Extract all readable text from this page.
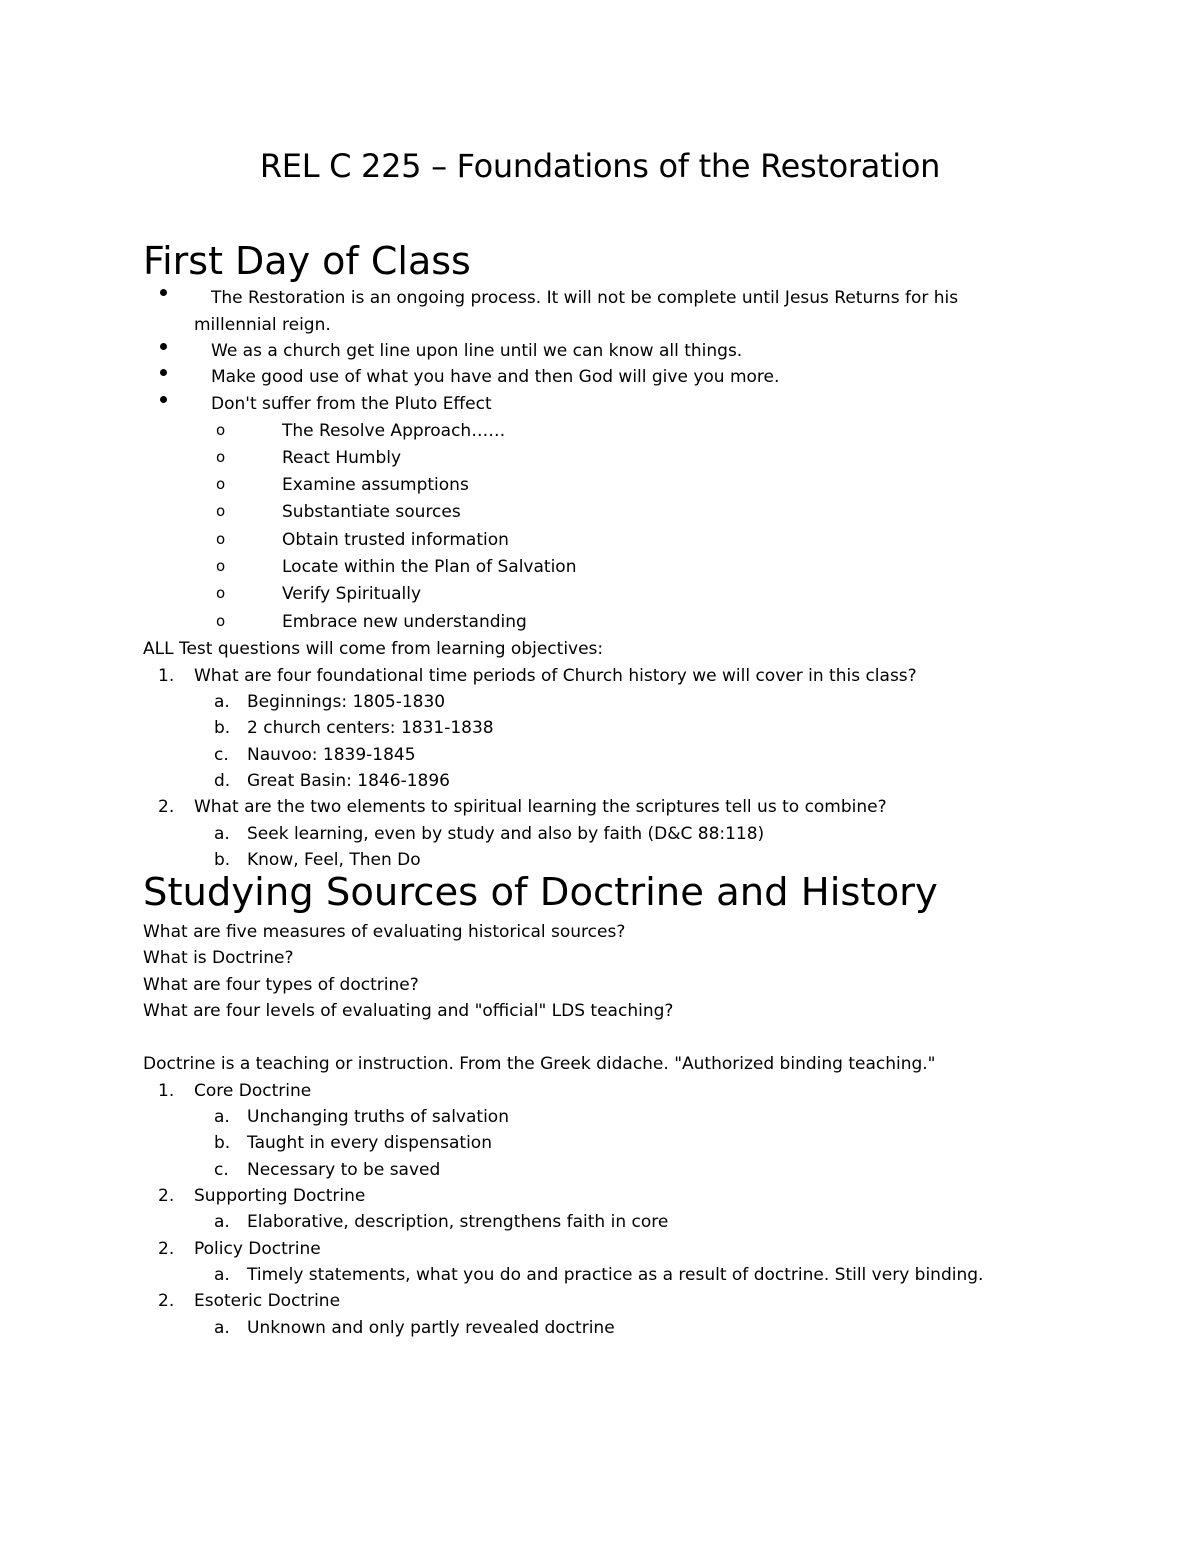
REL C 225 – Foundations of the Restoration
First Day of Class
The Restoration is an ongoing process. It will not be complete until Jesus Returns for his
millennial reign.
We as a church get line upon line until we can know all things.
Make good use of what you have and then God will give you more.
Don't suffer from the Pluto Effect
o	The Resolve Approach……
o	React Humbly
o	Examine assumptions
o	Substantiate sources
o	Obtain trusted information
o	Locate within the Plan of Salvation
o	Verify Spiritually
o	Embrace new understanding
ALL Test questions will come from learning objectives:
1. What are four foundational time periods of Church history we will cover in this class?
a. Beginnings: 1805-1830
b. 2 church centers: 1831-1838
c. Nauvoo: 1839-1845
d. Great Basin: 1846-1896
2. What are the two elements to spiritual learning the scriptures tell us to combine?
a. Seek learning, even by study and also by faith (D&C 88:118)
b. Know, Feel, Then Do
Studying Sources of Doctrine and History
What are five measures of evaluating historical sources?
What is Doctrine?
What are four types of doctrine?
What are four levels of evaluating and "official" LDS teaching?
Doctrine is a teaching or instruction. From the Greek didache. "Authorized binding teaching."
1. Core Doctrine
a. Unchanging truths of salvation
b. Taught in every dispensation
c. Necessary to be saved
2. Supporting Doctrine
a. Elaborative, description, strengthens faith in core
2. Policy Doctrine
a. Timely statements, what you do and practice as a result of doctrine. Still very binding.
2. Esoteric Doctrine
a. Unknown and only partly revealed doctrine
